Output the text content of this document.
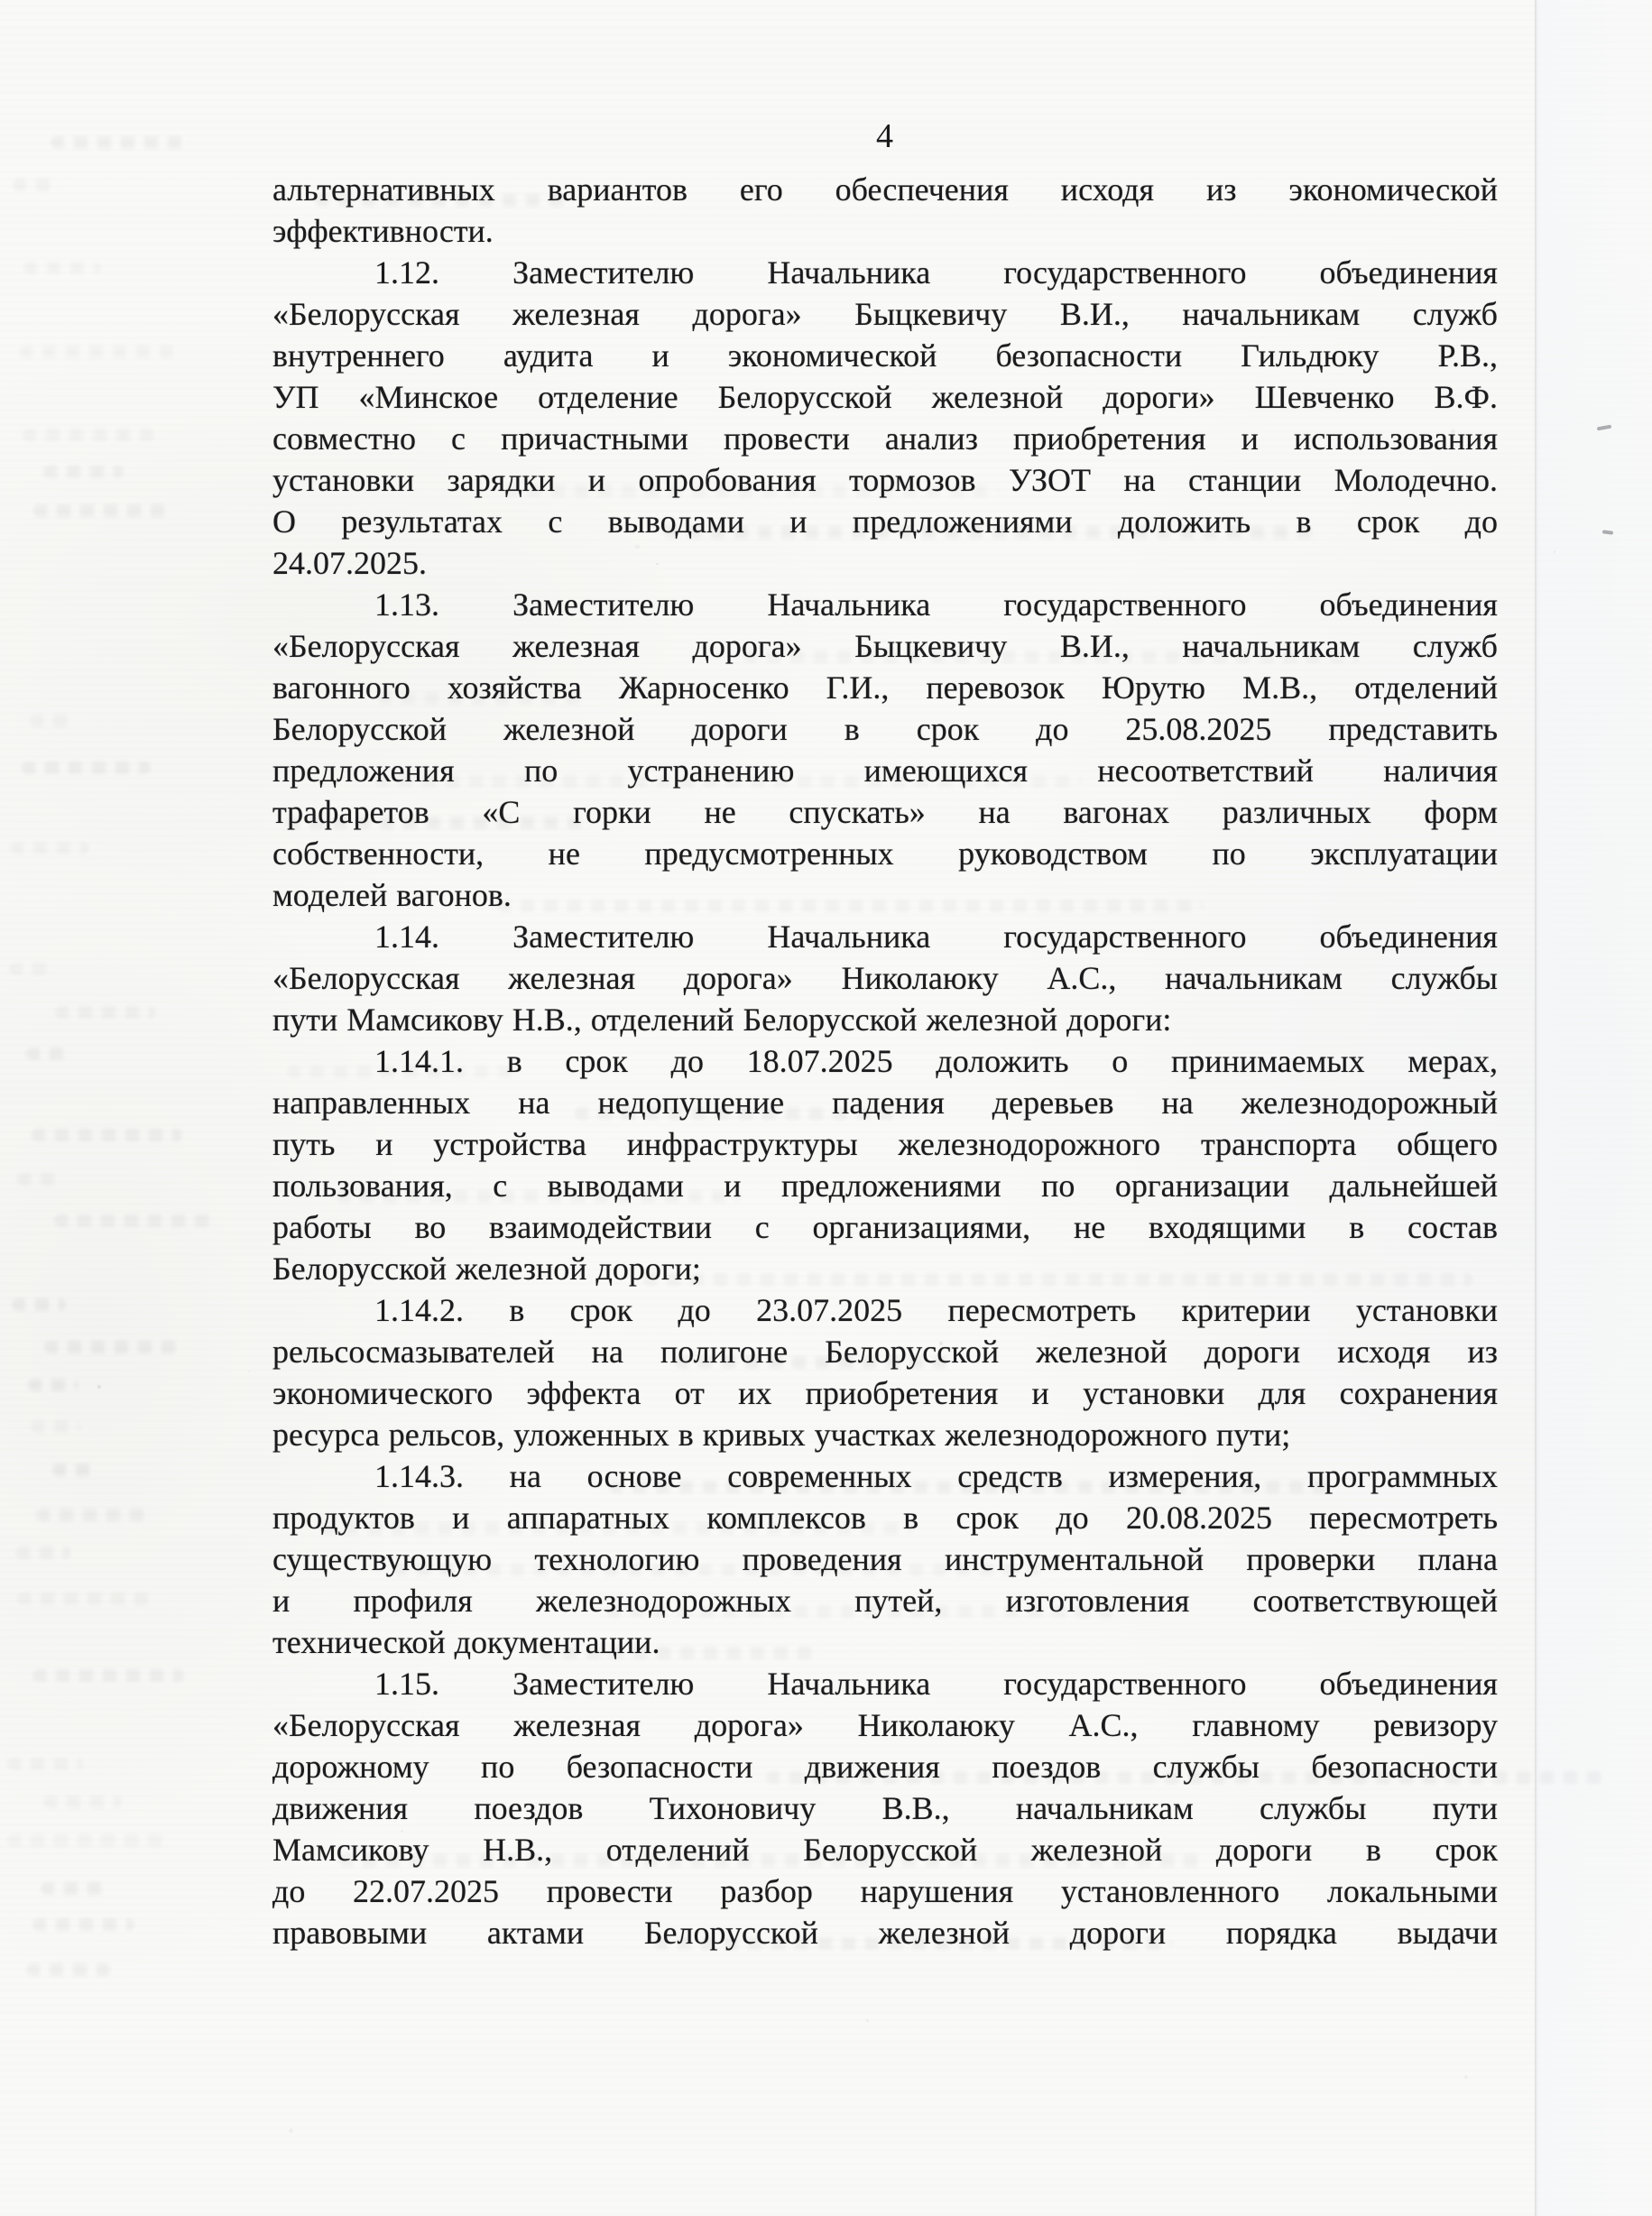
4
альтернативных вариантов его обеспечения исходя из экономической
эффективности.
1.12. Заместителю Начальника государственного объединения
«Белорусская железная дорога» Быцкевичу В.И., начальникам служб
внутреннего аудита и экономической безопасности Гильдюку Р.В.,
УП «Минское отделение Белорусской железной дороги» Шевченко В.Ф.
совместно с причастными провести анализ приобретения и использования
установки зарядки и опробования тормозов УЗОТ на станции Молодечно.
О результатах с выводами и предложениями доложить в срок до
24.07.2025.
1.13. Заместителю Начальника государственного объединения
«Белорусская железная дорога» Быцкевичу В.И., начальникам служб
вагонного хозяйства Жарносенко Г.И., перевозок Юрутю М.В., отделений
Белорусской железной дороги в срок до 25.08.2025 представить
предложения по устранению имеющихся несоответствий наличия
трафаретов «С горки не спускать» на вагонах различных форм
собственности, не предусмотренных руководством по эксплуатации
моделей вагонов.
1.14. Заместителю Начальника государственного объединения
«Белорусская железная дорога» Николаюку А.С., начальникам службы
пути Мамсикову Н.В., отделений Белорусской железной дороги:
1.14.1. в срок до 18.07.2025 доложить о принимаемых мерах,
направленных на недопущение падения деревьев на железнодорожный
путь и устройства инфраструктуры железнодорожного транспорта общего
пользования, с выводами и предложениями по организации дальнейшей
работы во взаимодействии с организациями, не входящими в состав
Белорусской железной дороги;
1.14.2. в срок до 23.07.2025 пересмотреть критерии установки
рельсосмазывателей на полигоне Белорусской железной дороги исходя из
экономического эффекта от их приобретения и установки для сохранения
ресурса рельсов, уложенных в кривых участках железнодорожного пути;
1.14.3. на основе современных средств измерения, программных
продуктов и аппаратных комплексов в срок до 20.08.2025 пересмотреть
существующую технологию проведения инструментальной проверки плана
и профиля железнодорожных путей, изготовления соответствующей
технической документации.
1.15. Заместителю Начальника государственного объединения
«Белорусская железная дорога» Николаюку А.С., главному ревизору
дорожному по безопасности движения поездов службы безопасности
движения поездов Тихоновичу В.В., начальникам службы пути
Мамсикову Н.В., отделений Белорусской железной дороги в срок
до 22.07.2025 провести разбор нарушения установленного локальными
правовыми актами Белорусской железной дороги порядка выдачи
